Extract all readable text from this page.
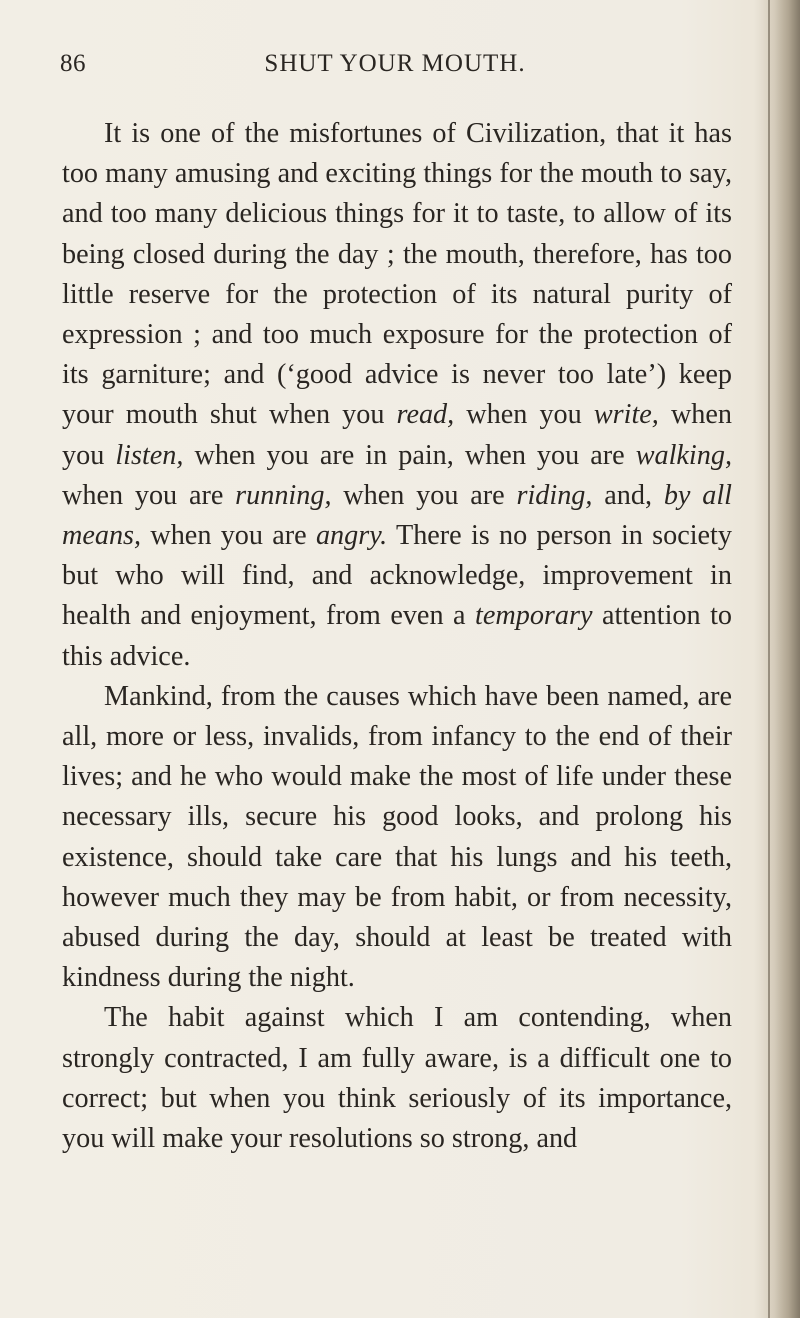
86	SHUT YOUR MOUTH.

It is one of the misfortunes of Civilization, that it has too many amusing and exciting things for the mouth to say, and too many delicious things for it to taste, to allow of its being closed during the day ; the mouth, therefore, has too little reserve for the protection of its natural purity of expression ; and too much exposure for the protection of its garniture; and (‘good advice is never too late’) keep your mouth shut when you read, when you write, when you listen, when you are in pain, when you are walking, when you are running, when you are riding, and, by all means, when you are angry. There is no person in society but who will find, and acknowledge, improvement in health and enjoyment, from even a temporary attention to this advice.

Mankind, from the causes which have been named, are all, more or less, invalids, from infancy to the end of their lives; and he who would make the most of life under these necessary ills, secure his good looks, and prolong his existence, should take care that his lungs and his teeth, however much they may be from habit, or from necessity, abused during the day, should at least be treated with kindness during the night.

The habit against which I am contending, when strongly contracted, I am fully aware, is a difficult one to correct; but when you think seriously of its importance, you will make your resolutions so strong, and
